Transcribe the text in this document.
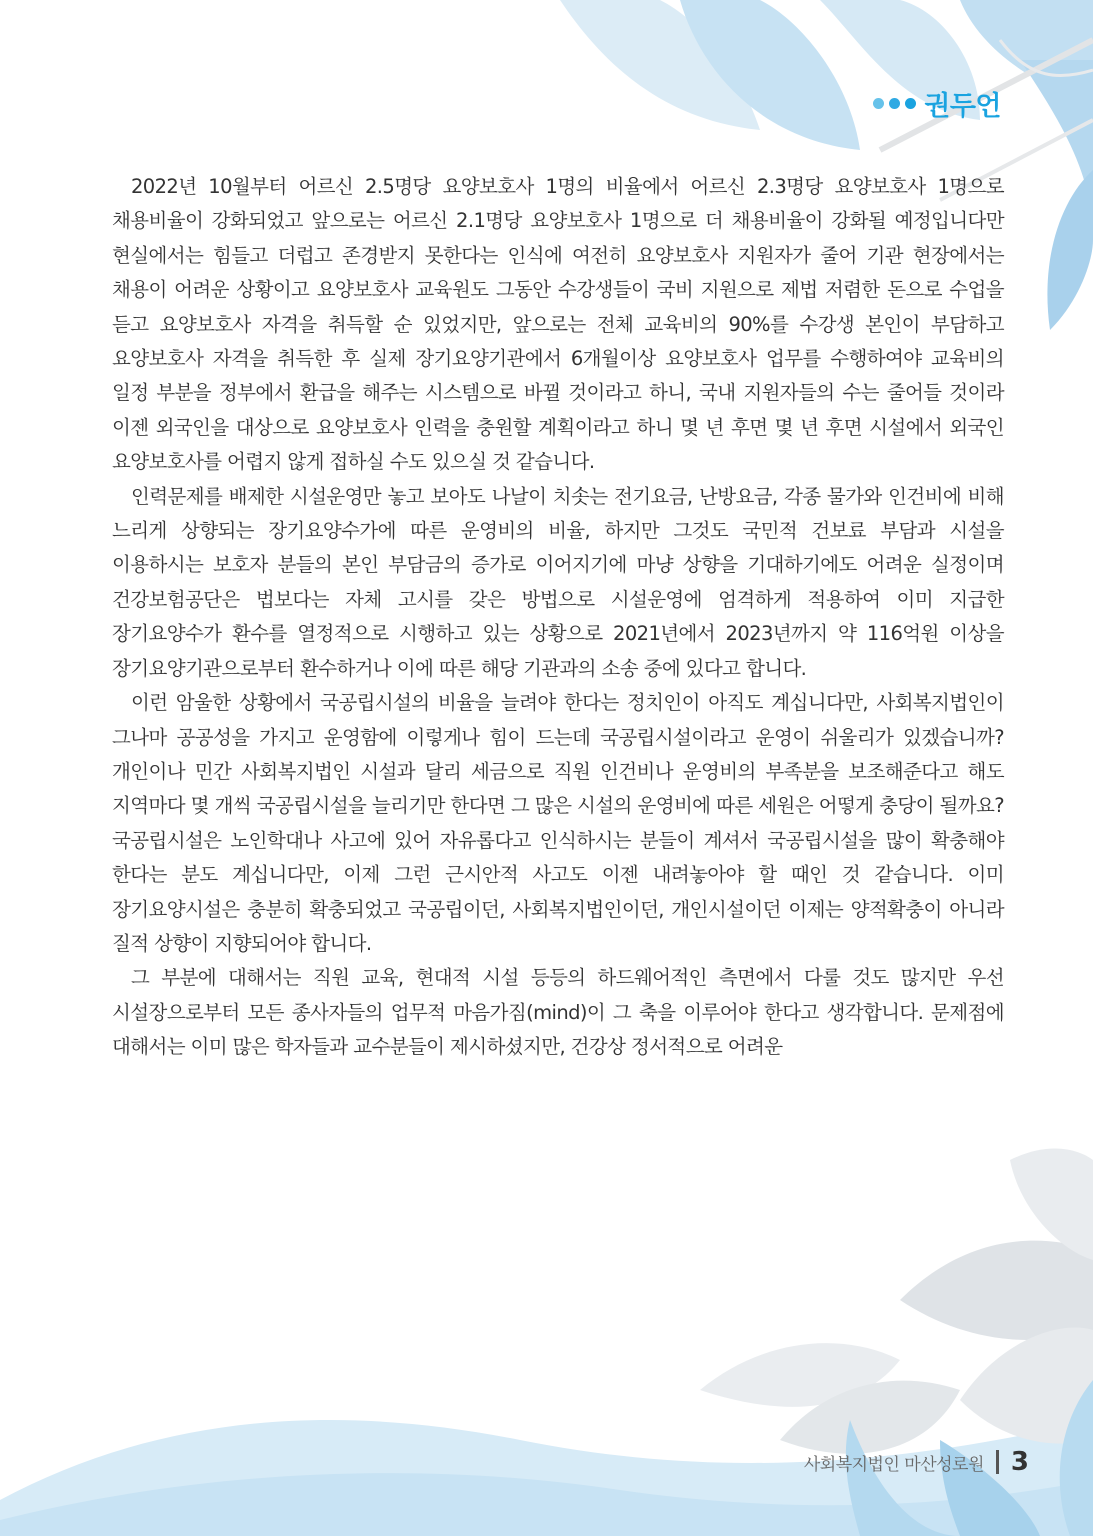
권두언

2022년 10월부터 어르신 2.5명당 요양보호사 1명의 비율에서 어르신 2.3명당 요양보호사 1명으로 채용비율이 강화되었고 앞으로는 어르신 2.1명당 요양보호사 1명으로 더 채용비율이 강화될 예정입니다만 현실에서는 힘들고 더럽고 존경받지 못한다는 인식에 여전히 요양보호사 지원자가 줄어 기관 현장에서는 채용이 어려운 상황이고 요양보호사 교육원도 그동안 수강생들이 국비 지원으로 제법 저렴한 돈으로 수업을 듣고 요양보호사 자격을 취득할 순 있었지만, 앞으로는 전체 교육비의 90%를 수강생 본인이 부담하고 요양보호사 자격을 취득한 후 실제 장기요양기관에서 6개월이상 요양보호사 업무를 수행하여야 교육비의 일정 부분을 정부에서 환급을 해주는 시스템으로 바뀔 것이라고 하니, 국내 지원자들의 수는 줄어들 것이라 이젠 외국인을 대상으로 요양보호사 인력을 충원할 계획이라고 하니 몇 년 후면 몇 년 후면 시설에서 외국인 요양보호사를 어렵지 않게 접하실 수도 있으실 것 같습니다.

인력문제를 배제한 시설운영만 놓고 보아도 나날이 치솟는 전기요금, 난방요금, 각종 물가와 인건비에 비해 느리게 상향되는 장기요양수가에 따른 운영비의 비율, 하지만 그것도 국민적 건보료 부담과 시설을 이용하시는 보호자 분들의 본인 부담금의 증가로 이어지기에 마냥 상향을 기대하기에도 어려운 실정이며 건강보험공단은 법보다는 자체 고시를 갖은 방법으로 시설운영에 엄격하게 적용하여 이미 지급한 장기요양수가 환수를 열정적으로 시행하고 있는 상황으로 2021년에서 2023년까지 약 116억원 이상을 장기요양기관으로부터 환수하거나 이에 따른 해당 기관과의 소송 중에 있다고 합니다.

이런 암울한 상황에서 국공립시설의 비율을 늘려야 한다는 정치인이 아직도 계십니다만, 사회복지법인이 그나마 공공성을 가지고 운영함에 이렇게나 힘이 드는데 국공립시설이라고 운영이 쉬울리가 있겠습니까? 개인이나 민간 사회복지법인 시설과 달리 세금으로 직원 인건비나 운영비의 부족분을 보조해준다고 해도 지역마다 몇 개씩 국공립시설을 늘리기만 한다면 그 많은 시설의 운영비에 따른 세원은 어떻게 충당이 될까요? 국공립시설은 노인학대나 사고에 있어 자유롭다고 인식하시는 분들이 계셔서 국공립시설을 많이 확충해야 한다는 분도 계십니다만, 이제 그런 근시안적 사고도 이젠 내려놓아야 할 때인 것 같습니다. 이미 장기요양시설은 충분히 확충되었고 국공립이던, 사회복지법인이던, 개인시설이던 이제는 양적확충이 아니라 질적 상향이 지향되어야 합니다.

그 부분에 대해서는 직원 교육, 현대적 시설 등등의 하드웨어적인 측면에서 다룰 것도 많지만 우선 시설장으로부터 모든 종사자들의 업무적 마음가짐(mind)이 그 축을 이루어야 한다고 생각합니다. 문제점에 대해서는 이미 많은 학자들과 교수분들이 제시하셨지만, 건강상 정서적으로 어려운

사회복지법인 마산성로원 3
